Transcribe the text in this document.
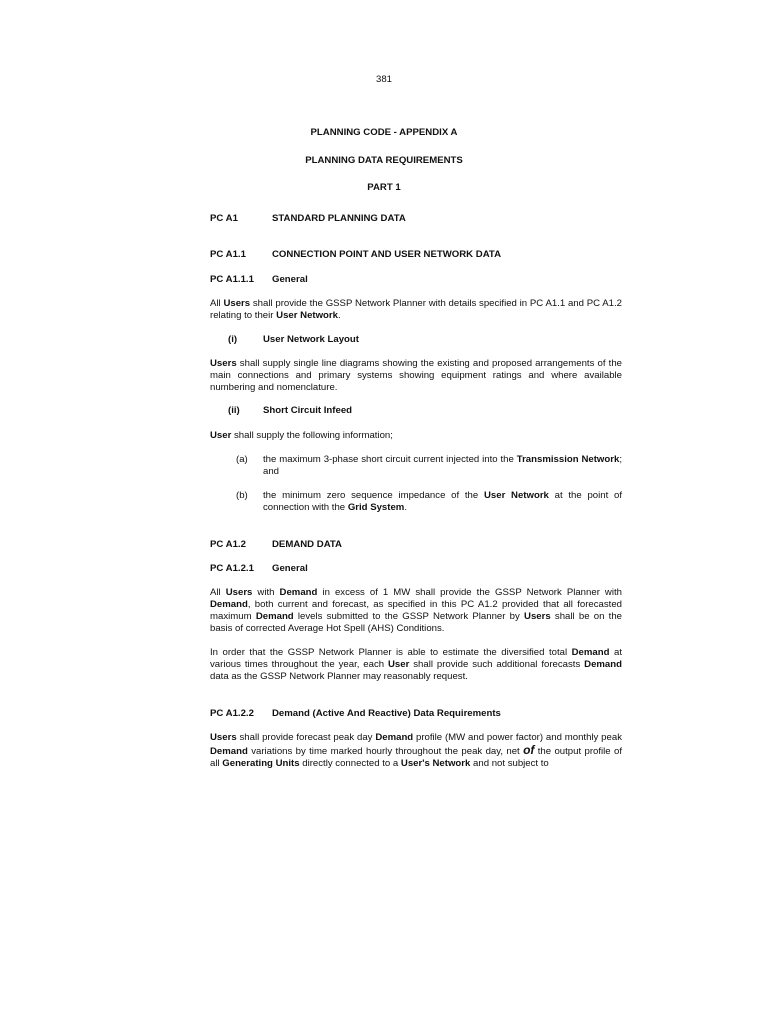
381
PLANNING CODE - APPENDIX A
PLANNING DATA REQUIREMENTS
PART 1
PC A1	STANDARD PLANNING DATA
PC A1.1	CONNECTION POINT AND USER NETWORK DATA
PC A1.1.1 General
All Users shall provide the GSSP Network Planner with details specified in PC A1.1 and PC A1.2 relating to their User Network.
(i)	User Network Layout
Users shall supply single line diagrams showing the existing and proposed arrangements of the main connections and primary systems showing equipment ratings and where available numbering and nomenclature.
(ii) Short Circuit Infeed
User shall supply the following information;
(a) the maximum 3-phase short circuit current injected into the Transmission Network; and
(b) the minimum zero sequence impedance of the User Network at the point of connection with the Grid System.
PC A1.2	DEMAND DATA
PC A1.2.1 General
All Users with Demand in excess of 1 MW shall provide the GSSP Network Planner with Demand, both current and forecast, as specified in this PC A1.2 provided that all forecasted maximum Demand levels submitted to the GSSP Network Planner by Users shall be on the basis of corrected Average Hot Spell (AHS) Conditions.
In order that the GSSP Network Planner is able to estimate the diversified total Demand at various times throughout the year, each User shall provide such additional forecasts Demand data as the GSSP Network Planner may reasonably request.
PC A1.2.2 Demand (Active And Reactive) Data Requirements
Users shall provide forecast peak day Demand profile (MW and power factor) and monthly peak Demand variations by time marked hourly throughout the peak day, net of the output profile of all Generating Units directly connected to a User's Network and not subject to
